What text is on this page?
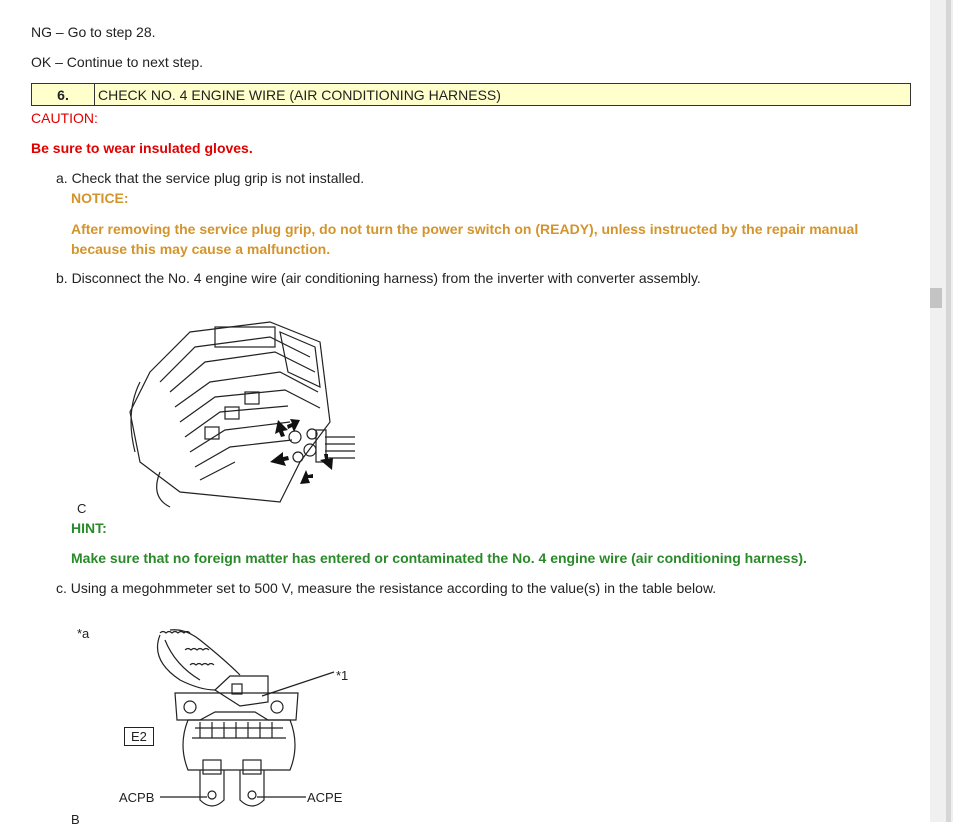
NG – Go to step 28.
OK – Continue to next step.
6.	CHECK NO. 4 ENGINE WIRE (AIR CONDITIONING HARNESS)
CAUTION:
Be sure to wear insulated gloves.
a. Check that the service plug grip is not installed.
NOTICE:
After removing the service plug grip, do not turn the power switch on (READY), unless instructed by the repair manual because this may cause a malfunction.
b. Disconnect the No. 4 engine wire (air conditioning harness) from the inverter with converter assembly.
C
HINT:
Make sure that no foreign matter has entered or contaminated the No. 4 engine wire (air conditioning harness).
c. Using a megohmmeter set to 500 V, measure the resistance according to the value(s) in the table below.
*a
*1
E2
ACPB	ACPE
B
